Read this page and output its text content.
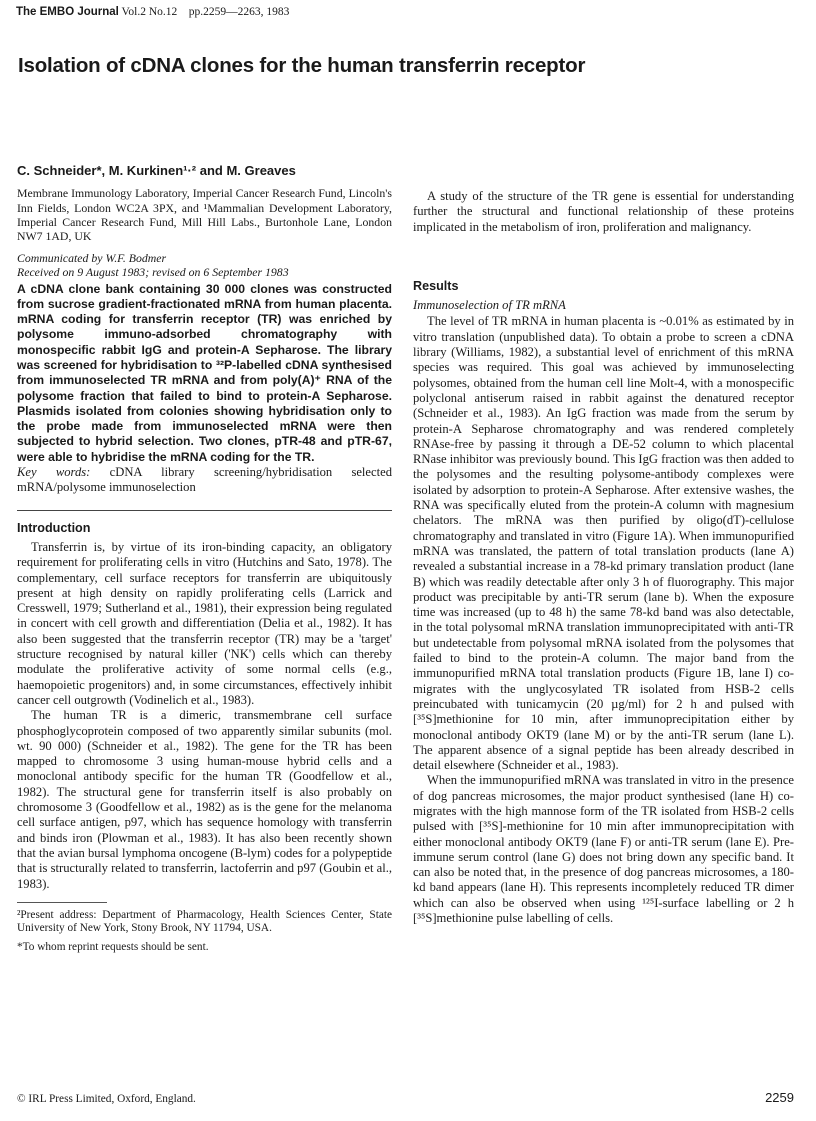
The EMBO Journal Vol.2 No.12 pp.2259—2263, 1983
Isolation of cDNA clones for the human transferrin receptor

C. Schneider*, M. Kurkinen¹·² and M. Greaves

Membrane Immunology Laboratory, Imperial Cancer Research Fund, Lincoln's Inn Fields, London WC2A 3PX, and ¹Mammalian Development Laboratory, Imperial Cancer Research Fund, Mill Hill Labs., Burtonhole Lane, London NW7 1AD, UK

Communicated by W.F. Bodmer

Received on 9 August 1983; revised on 6 September 1983

A cDNA clone bank containing 30 000 clones was constructed from sucrose gradient-fractionated mRNA from human placenta. mRNA coding for transferrin receptor (TR) was enriched by polysome immuno-adsorbed chromatography with monospecific rabbit IgG and protein-A Sepharose. The library was screened for hybridisation to ³²P-labelled cDNA synthesised from immunoselected TR mRNA and from poly(A)⁺ RNA of the polysome fraction that failed to bind to protein-A Sepharose. Plasmids isolated from colonies showing hybridisation only to the probe made from immunoselected mRNA were then subjected to hybrid selection. Two clones, pTR-48 and pTR-67, were able to hybridise the mRNA coding for the TR.

Key words: cDNA library screening/hybridisation selected mRNA/polysome immunoselection

Introduction

Transferrin is, by virtue of its iron-binding capacity, an obligatory requirement for proliferating cells in vitro (Hutchins and Sato, 1978). The complementary, cell surface receptors for transferrin are ubiquitously present at high density on rapidly proliferating cells (Larrick and Cresswell, 1979; Sutherland et al., 1981), their expression being regulated in concert with cell growth and differentiation (Delia et al., 1982). It has also been suggested that the transferrin receptor (TR) may be a 'target' structure recognised by natural killer ('NK') cells which can thereby modulate the proliferative activity of some normal cells (e.g., haemopoietic progenitors) and, in some circumstances, effectively inhibit cancer cell outgrowth (Vodinelich et al., 1983).

The human TR is a dimeric, transmembrane cell surface phosphoglycoprotein composed of two apparently similar subunits (mol. wt. 90 000) (Schneider et al., 1982). The gene for the TR has been mapped to chromosome 3 using human-mouse hybrid cells and a monoclonal antibody specific for the human TR (Goodfellow et al., 1982). The structural gene for transferrin itself is also probably on chromosome 3 (Goodfellow et al., 1982) as is the gene for the melanoma cell surface antigen, p97, which has sequence homology with transferrin and binds iron (Plowman et al., 1983). It has also been recently shown that the avian bursal lymphoma oncogene (B-lym) codes for a polypeptide that is structurally related to transferrin, lactoferrin and p97 (Goubin et al., 1983).

²Present address: Department of Pharmacology, Health Sciences Center, State University of New York, Stony Brook, NY 11794, USA.

*To whom reprint requests should be sent.

A study of the structure of the TR gene is essential for understanding further the structural and functional relationship of these proteins implicated in the metabolism of iron, proliferation and malignancy.

Results

Immunoselection of TR mRNA

The level of TR mRNA in human placenta is ~0.01% as estimated by in vitro translation (unpublished data). To obtain a probe to screen a cDNA library (Williams, 1982), a substantial level of enrichment of this mRNA species was required. This goal was achieved by immunoselecting polysomes, obtained from the human cell line Molt-4, with a monospecific polyclonal antiserum raised in rabbit against the denatured receptor (Schneider et al., 1983). An IgG fraction was made from the serum by protein-A Sepharose chromatography and was rendered completely RNAse-free by passing it through a DE-52 column to which placental RNase inhibitor was previously bound. This IgG fraction was then added to the polysomes and the resulting polysome-antibody complexes were isolated by adsorption to protein-A Sepharose. After extensive washes, the RNA was specifically eluted from the protein-A column with magnesium chelators. The mRNA was then purified by oligo(dT)-cellulose chromatography and translated in vitro (Figure 1A). When immunopurified mRNA was translated, the pattern of total translation products (lane A) revealed a substantial increase in a 78-kd primary translation product (lane B) which was readily detectable after only 3 h of fluorography. This major product was precipitable by anti-TR serum (lane b). When the exposure time was increased (up to 48 h) the same 78-kd band was also detectable, in the total polysomal mRNA translation immunoprecipitated with anti-TR but undetectable from polysomal mRNA isolated from the polysomes that failed to bind to the protein-A column. The major band from the immunopurified mRNA total translation products (Figure 1B, lane I) co-migrates with the unglycosylated TR isolated from HSB-2 cells preincubated with tunicamycin (20 µg/ml) for 2 h and pulsed with [³⁵S]methionine for 10 min, after immunoprecipitation either by monoclonal antibody OKT9 (lane M) or by the anti-TR serum (lane L). The apparent absence of a signal peptide has been already described in detail elsewhere (Schneider et al., 1983).

When the immunopurified mRNA was translated in vitro in the presence of dog pancreas microsomes, the major product synthesised (lane H) co-migrates with the high mannose form of the TR isolated from HSB-2 cells pulsed with [³⁵S]-methionine for 10 min after immunoprecipitation with either monoclonal antibody OKT9 (lane F) or anti-TR serum (lane E). Pre-immune serum control (lane G) does not bring down any specific band. It can also be noted that, in the presence of dog pancreas microsomes, a 180-kd band appears (lane H). This represents incompletely reduced TR dimer which can also be observed when using ¹²⁵I-surface labelling or 2 h [³⁵S]methionine pulse labelling of cells.

© IRL Press Limited, Oxford, England.	2259
